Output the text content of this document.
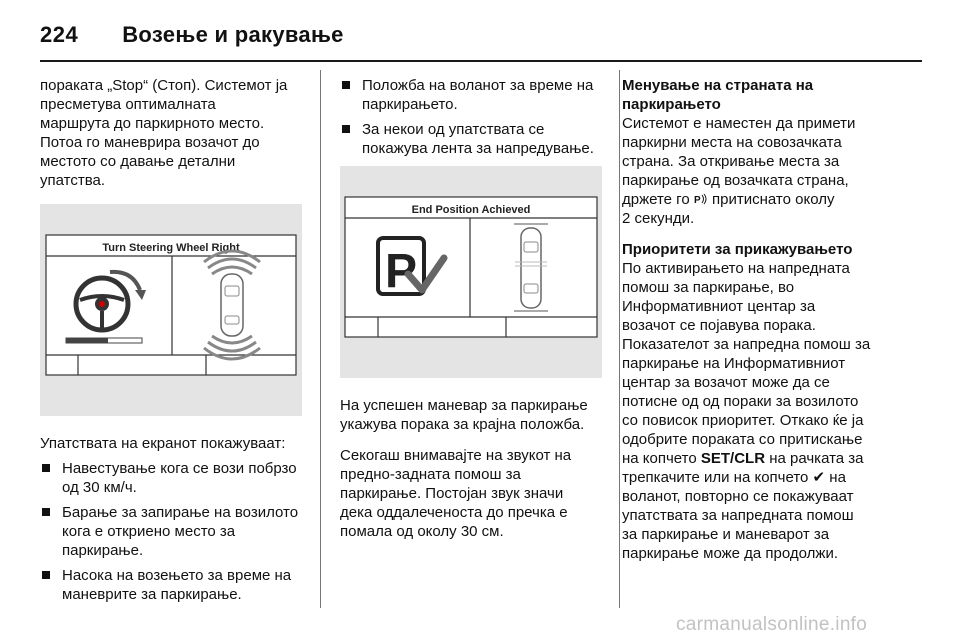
224 Возење и ракување

пораката „Stop“ (Стоп). Системот ја
пресметува оптималната
маршрута до паркирното место.
Потоа го маневрира возачот до
местото со давање детални
упатства.

Turn Steering Wheel Right

Упатствата на екранот покажуваат:

Навестување кога се вози побрзо
од 30 км/ч.
Барање за запирање на возилото
кога е откриено место за
паркирање.
Насока на возењето за време на
маневрите за паркирање.
Положба на воланот за време на
паркирањето.
За некои од упатствата се
покажува лента за напредување.
End Position Achieved
P

На успешен маневар за паркирање
укажува порака за крајна положба.

Секогаш внимавајте на звукот на
предно-задната помош за
паркирање. Постојан звук значи
дека оддалеченоста до пречка е
помала од околу 30 см.

Менување на страната на
паркирањето

Системот е наместен да примети
паркирни места на совозачката
страна. За откривање места за
паркирање од возачката страна,
држете го P притиснато околу
2 секунди.

Приоритети за прикажувањето

По активирањето на напредната
помош за паркирање, во
Информативниот центар за
возачот се појавува порака.
Показателот за напредна помош за
паркирање на Информативниот
центар за возачот може да се
потисне од од пораки за возилото
со повисок приоритет. Откако ќе ја
одобрите пораката со притискање
на копчето SET/CLR на рачката за
трепкачите или на копчето ✔ на
воланот, повторно се покажуваат
упатствата за напредната помош
за паркирање и маневарот за
паркирање може да продолжи.

carmanualsonline.info
